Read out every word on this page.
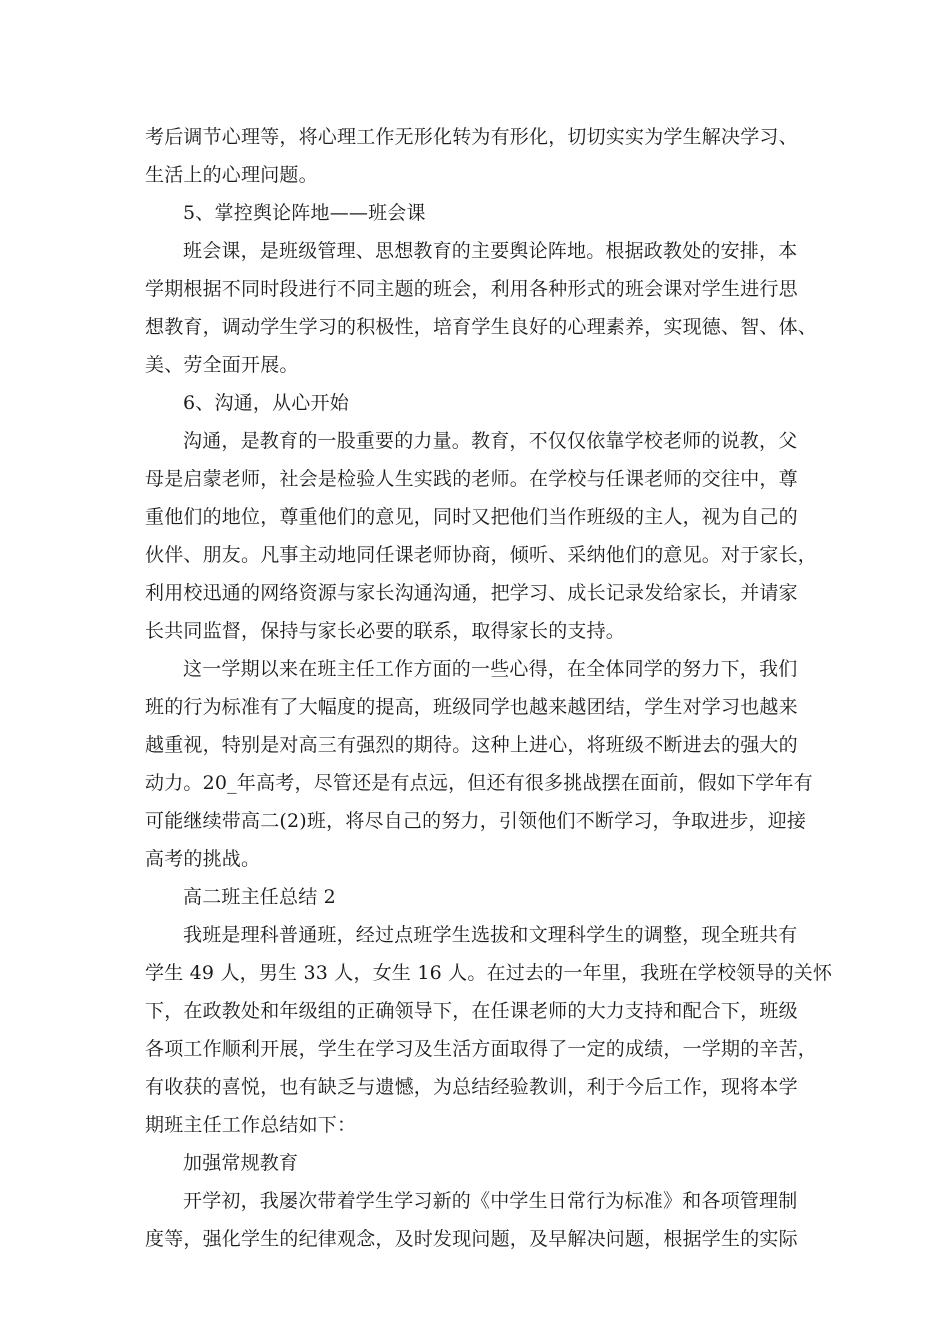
考后调节心理等，将心理工作无形化转为有形化，切切实实为学生解决学习、
生活上的心理问题。
5、掌控舆论阵地——班会课
班会课，是班级管理、思想教育的主要舆论阵地。根据政教处的安排，本
学期根据不同时段进行不同主题的班会，利用各种形式的班会课对学生进行思
想教育，调动学生学习的积极性，培育学生良好的心理素养，实现德、智、体、
美、劳全面开展。
6、沟通，从心开始
沟通，是教育的一股重要的力量。教育，不仅仅依靠学校老师的说教，父
母是启蒙老师，社会是检验人生实践的老师。在学校与任课老师的交往中，尊
重他们的地位，尊重他们的意见，同时又把他们当作班级的主人，视为自己的
伙伴、朋友。凡事主动地同任课老师协商，倾听、采纳他们的意见。对于家长，
利用校迅通的网络资源与家长沟通沟通，把学习、成长记录发给家长，并请家
长共同监督，保持与家长必要的联系，取得家长的支持。
这一学期以来在班主任工作方面的一些心得，在全体同学的努力下，我们
班的行为标准有了大幅度的提高，班级同学也越来越团结，学生对学习也越来
越重视，特别是对高三有强烈的期待。这种上进心，将班级不断进去的强大的
动力。20_年高考，尽管还是有点远，但还有很多挑战摆在面前，假如下学年有
可能继续带高二(2)班，将尽自己的努力，引领他们不断学习，争取进步，迎接
高考的挑战。
高二班主任总结 2
我班是理科普通班，经过点班学生选拔和文理科学生的调整，现全班共有
学生 49 人，男生 33 人，女生 16 人。在过去的一年里，我班在学校领导的关怀
下，在政教处和年级组的正确领导下，在任课老师的大力支持和配合下，班级
各项工作顺利开展，学生在学习及生活方面取得了一定的成绩，一学期的辛苦，
有收获的喜悦，也有缺乏与遗憾，为总结经验教训，利于今后工作，现将本学
期班主任工作总结如下：
加强常规教育
开学初，我屡次带着学生学习新的《中学生日常行为标准》和各项管理制
度等，强化学生的纪律观念，及时发现问题，及早解决问题，根据学生的实际
